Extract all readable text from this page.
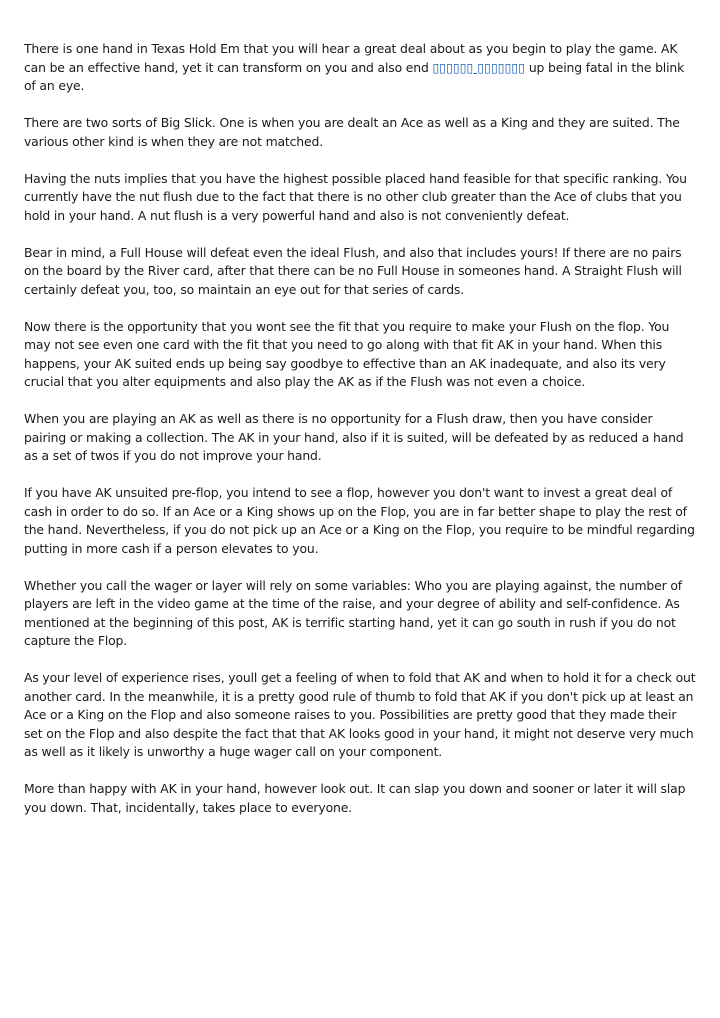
There is one hand in Texas Hold Em that you will hear a great deal about as you begin to play the game. AK can be an effective hand, yet it can transform on you and also end ▯▯▯▯▯▯ ▯▯▯▯▯▯▯ up being fatal in the blink of an eye.

There are two sorts of Big Slick. One is when you are dealt an Ace as well as a King and they are suited. The various other kind is when they are not matched.

Having the nuts implies that you have the highest possible placed hand feasible for that specific ranking. You currently have the nut flush due to the fact that there is no other club greater than the Ace of clubs that you hold in your hand. A nut flush is a very powerful hand and also is not conveniently defeat.

Bear in mind, a Full House will defeat even the ideal Flush, and also that includes yours! If there are no pairs on the board by the River card, after that there can be no Full House in someones hand. A Straight Flush will certainly defeat you, too, so maintain an eye out for that series of cards.

Now there is the opportunity that you wont see the fit that you require to make your Flush on the flop. You may not see even one card with the fit that you need to go along with that fit AK in your hand. When this happens, your AK suited ends up being say goodbye to effective than an AK inadequate, and also its very crucial that you alter equipments and also play the AK as if the Flush was not even a choice.

When you are playing an AK as well as there is no opportunity for a Flush draw, then you have consider pairing or making a collection. The AK in your hand, also if it is suited, will be defeated by as reduced a hand as a set of twos if you do not improve your hand.

If you have AK unsuited pre-flop, you intend to see a flop, however you don't want to invest a great deal of cash in order to do so. If an Ace or a King shows up on the Flop, you are in far better shape to play the rest of the hand. Nevertheless, if you do not pick up an Ace or a King on the Flop, you require to be mindful regarding putting in more cash if a person elevates to you.

Whether you call the wager or layer will rely on some variables: Who you are playing against, the number of players are left in the video game at the time of the raise, and your degree of ability and self-confidence. As mentioned at the beginning of this post, AK is terrific starting hand, yet it can go south in rush if you do not capture the Flop.

As your level of experience rises, youll get a feeling of when to fold that AK and when to hold it for a check out another card. In the meanwhile, it is a pretty good rule of thumb to fold that AK if you don't pick up at least an Ace or a King on the Flop and also someone raises to you. Possibilities are pretty good that they made their set on the Flop and also despite the fact that that AK looks good in your hand, it might not deserve very much as well as it likely is unworthy a huge wager call on your component.

More than happy with AK in your hand, however look out. It can slap you down and sooner or later it will slap you down. That, incidentally, takes place to everyone.
